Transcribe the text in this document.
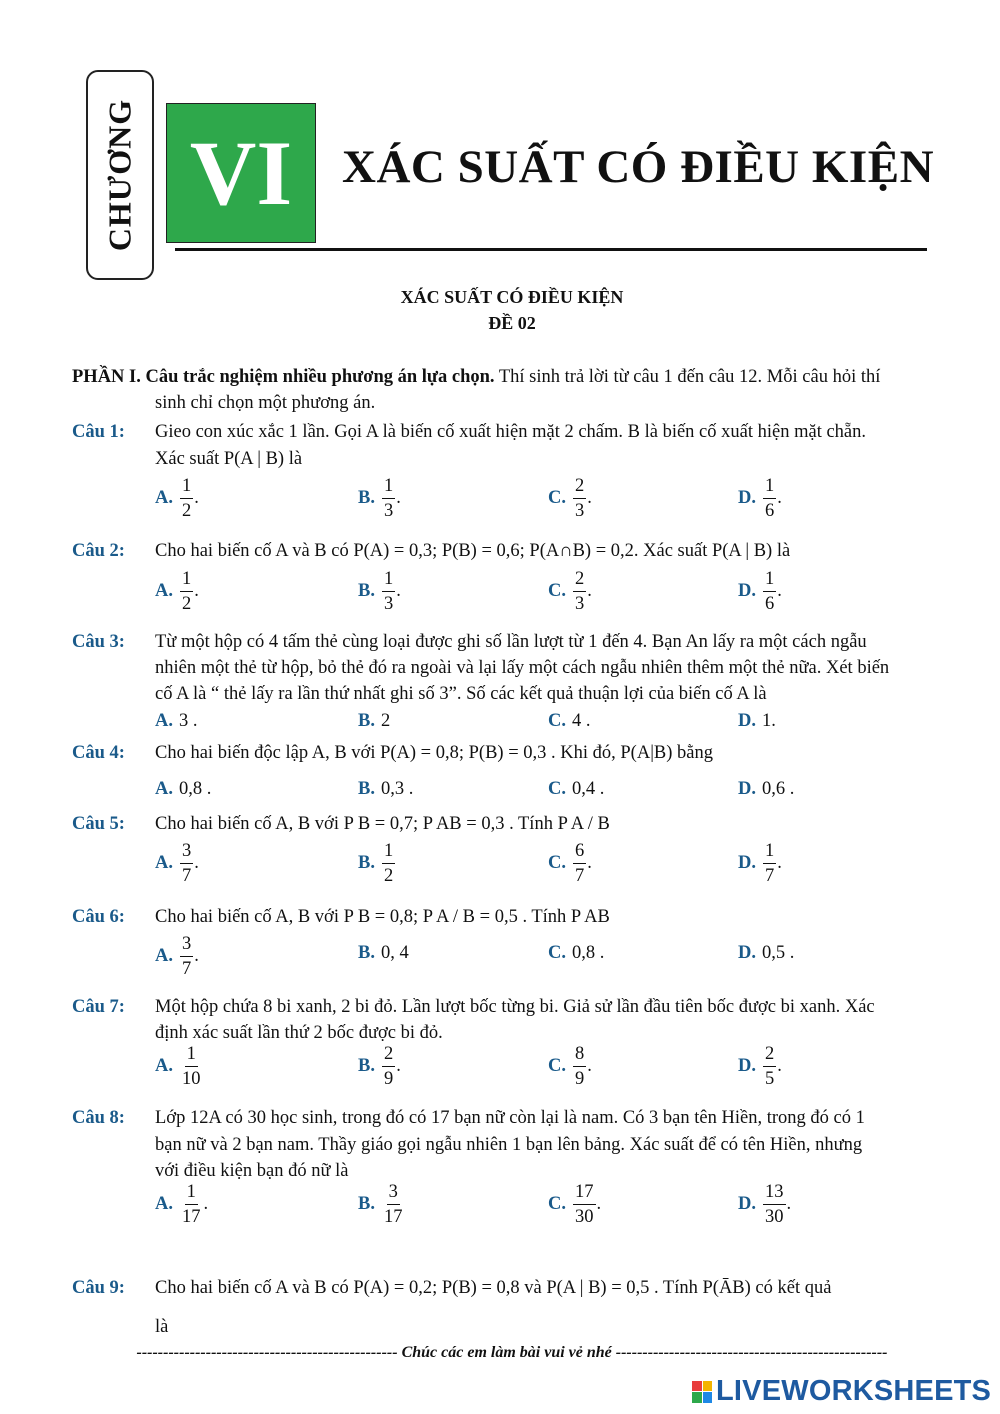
CHƯƠNG VI XÁC SUẤT CÓ ĐIỀU KIỆN
XÁC SUẤT CÓ ĐIỀU KIỆN
ĐỀ 02
PHẦN I. Câu trắc nghiệm nhiều phương án lựa chọn. Thí sinh trả lời từ câu 1 đến câu 12. Mỗi câu hỏi thí
sinh chỉ chọn một phương án.
Câu 1: Gieo con xúc xắc 1 lần. Gọi A là biến cố xuất hiện mặt 2 chấm. B là biến cố xuất hiện mặt chẵn.
Xác suất P(A | B) là
A. $\frac{1}{2}$ .	B. $\frac{1}{3}$ .	C. $\frac{2}{3}$ .	D. $\frac{1}{6}$ .
Câu 2: Cho hai biến cố A và B có P(A) = 0,3; P(B) = 0,6; P(A∩B) = 0,2. Xác suất P(A | B) là
A. $\frac{1}{2}$ .	B. $\frac{1}{3}$ .	C. $\frac{2}{3}$ .	D. $\frac{1}{6}$ .
Câu 3: Từ một hộp có 4 tấm thẻ cùng loại được ghi số lần lượt từ 1 đến 4. Bạn An lấy ra một cách ngẫu
nhiên một thẻ từ hộp, bỏ thẻ đó ra ngoài và lại lấy một cách ngẫu nhiên thêm một thẻ nữa. Xét biến
cố A là “ thẻ lấy ra lần thứ nhất ghi số 3”. Số các kết quả thuận lợi của biến cố A là
A. 3 .	B. 2	C. 4 .	D. 1.
Câu 4: Cho hai biến độc lập A, B với P(A) = 0,8; P(B) = 0,3 . Khi đó, P(A|B) bằng
A. 0,8 .	B. 0,3 .	C. 0,4 .	D. 0,6 .
Câu 5: Cho hai biến cố A, B với P B = 0,7; P AB = 0,3 . Tính P A / B
A. $\frac{3}{7}$ .	B. $\frac{1}{2}$	C. $\frac{6}{7}$ .	D. $\frac{1}{7}$ .
Câu 6: Cho hai biến cố A, B với P B = 0,8; P A / B = 0,5 . Tính P AB
A. $\frac{3}{7}$ .	B. 0, 4	C. 0,8 .	D. 0,5 .
Câu 7: Một hộp chứa 8 bi xanh, 2 bi đỏ. Lần lượt bốc từng bi. Giả sử lần đầu tiên bốc được bi xanh. Xác
định xác suất lần thứ 2 bốc được bi đỏ.
A. $\frac{1}{10}$	B. $\frac{2}{9}$ .	C. $\frac{8}{9}$ .	D. $\frac{2}{5}$ .
Câu 8: Lớp 12A có 30 học sinh, trong đó có 17 bạn nữ còn lại là nam. Có 3 bạn tên Hiền, trong đó có 1
bạn nữ và 2 bạn nam. Thầy giáo gọi ngẫu nhiên 1 bạn lên bảng. Xác suất để có tên Hiền, nhưng
với điều kiện bạn đó nữ là
A. $\frac{1}{17}$ .	B. $\frac{3}{17}$	C. $\frac{17}{30}$ .	D. $\frac{13}{30}$ .
Câu 9: Cho hai biến cố A và B có P(A) = 0,2; P(B) = 0,8 và P(A | B) = 0,5 . Tính P(ĀB) có kết quả
là
------------------------------------------------- Chúc các em làm bài vui vẻ nhé ---------------------------------------------------
LIVEWORKSHEETS
